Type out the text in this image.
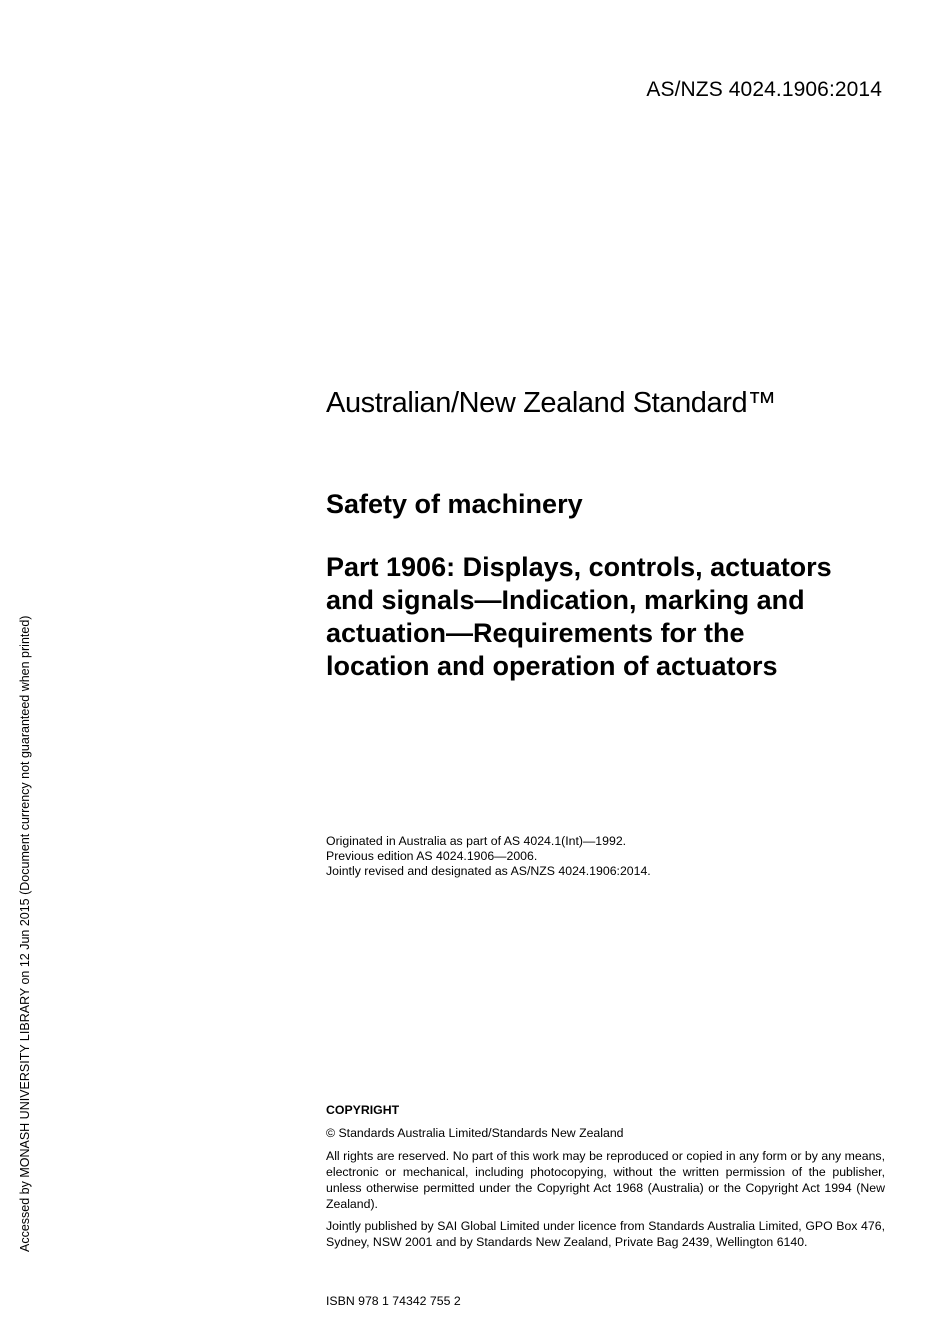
AS/NZS 4024.1906:2014
Accessed by MONASH UNIVERSITY LIBRARY on 12 Jun 2015 (Document currency not guaranteed when printed)
Australian/New Zealand Standard™
Safety of machinery
Part 1906: Displays, controls, actuators
and signals—Indication, marking and
actuation—Requirements for the
location and operation of actuators
Originated in Australia as part of AS 4024.1(Int)—1992.
Previous edition AS 4024.1906—2006.
Jointly revised and designated as AS/NZS 4024.1906:2014.
COPYRIGHT
© Standards Australia Limited/Standards New Zealand

All rights are reserved. No part of this work may be reproduced or copied in any form or by any means, electronic or mechanical, including photocopying, without the written permission of the publisher, unless otherwise permitted under the Copyright Act 1968 (Australia) or the Copyright Act 1994 (New Zealand).

Jointly published by SAI Global Limited under licence from Standards Australia Limited, GPO Box 476, Sydney, NSW 2001 and by Standards New Zealand, Private Bag 2439, Wellington 6140.

ISBN 978 1 74342 755 2
